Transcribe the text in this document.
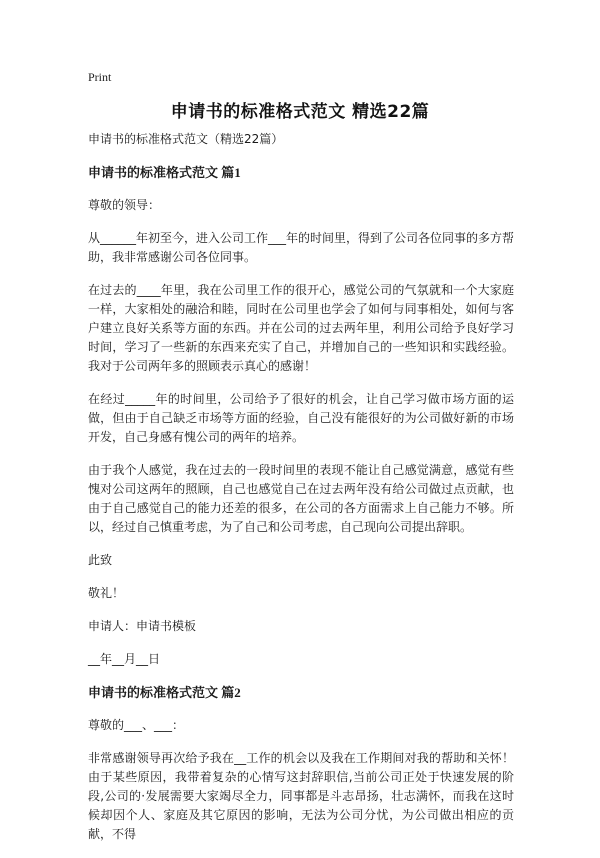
Print
申请书的标准格式范文 精选22篇

申请书的标准格式范文（精选22篇）

申请书的标准格式范文 篇1

尊敬的领导：

从______年初至今，进入公司工作___年的时间里，得到了公司各位同事的多方帮助，我非常感谢公司各位同事。

在过去的____年里，我在公司里工作的很开心，感觉公司的气氛就和一个大家庭一样，大家相处的融洽和睦，同时在公司里也学会了如何与同事相处，如何与客户建立良好关系等方面的东西。并在公司的过去两年里，利用公司给予良好学习时间，学习了一些新的东西来充实了自己，并增加自己的一些知识和实践经验。我对于公司两年多的照顾表示真心的感谢！

在经过_____年的时间里，公司给予了很好的机会，让自己学习做市场方面的运做，但由于自己缺乏市场等方面的经验，自己没有能很好的为公司做好新的市场开发，自己身感有愧公司的两年的培养。

由于我个人感觉，我在过去的一段时间里的表现不能让自己感觉满意，感觉有些愧对公司这两年的照顾，自己也感觉自己在过去两年没有给公司做过点贡献，也由于自己感觉自己的能力还差的很多，在公司的各方面需求上自己能力不够。所以，经过自己慎重考虑，为了自己和公司考虑，自己现向公司提出辞职。

此致

敬礼！

申请人：申请书模板

__年__月__日

申请书的标准格式范文 篇2

尊敬的___、___：

非常感谢领导再次给予我在__工作的机会以及我在工作期间对我的帮助和关怀！由于某些原因，我带着复杂的心情写这封辞职信,当前公司正处于快速发展的阶段,公司的·发展需要大家竭尽全力，同事都是斗志昂扬，壮志满怀，而我在这时候却因个人、家庭及其它原因的影响，无法为公司分忧，为公司做出相应的贡献，不得
